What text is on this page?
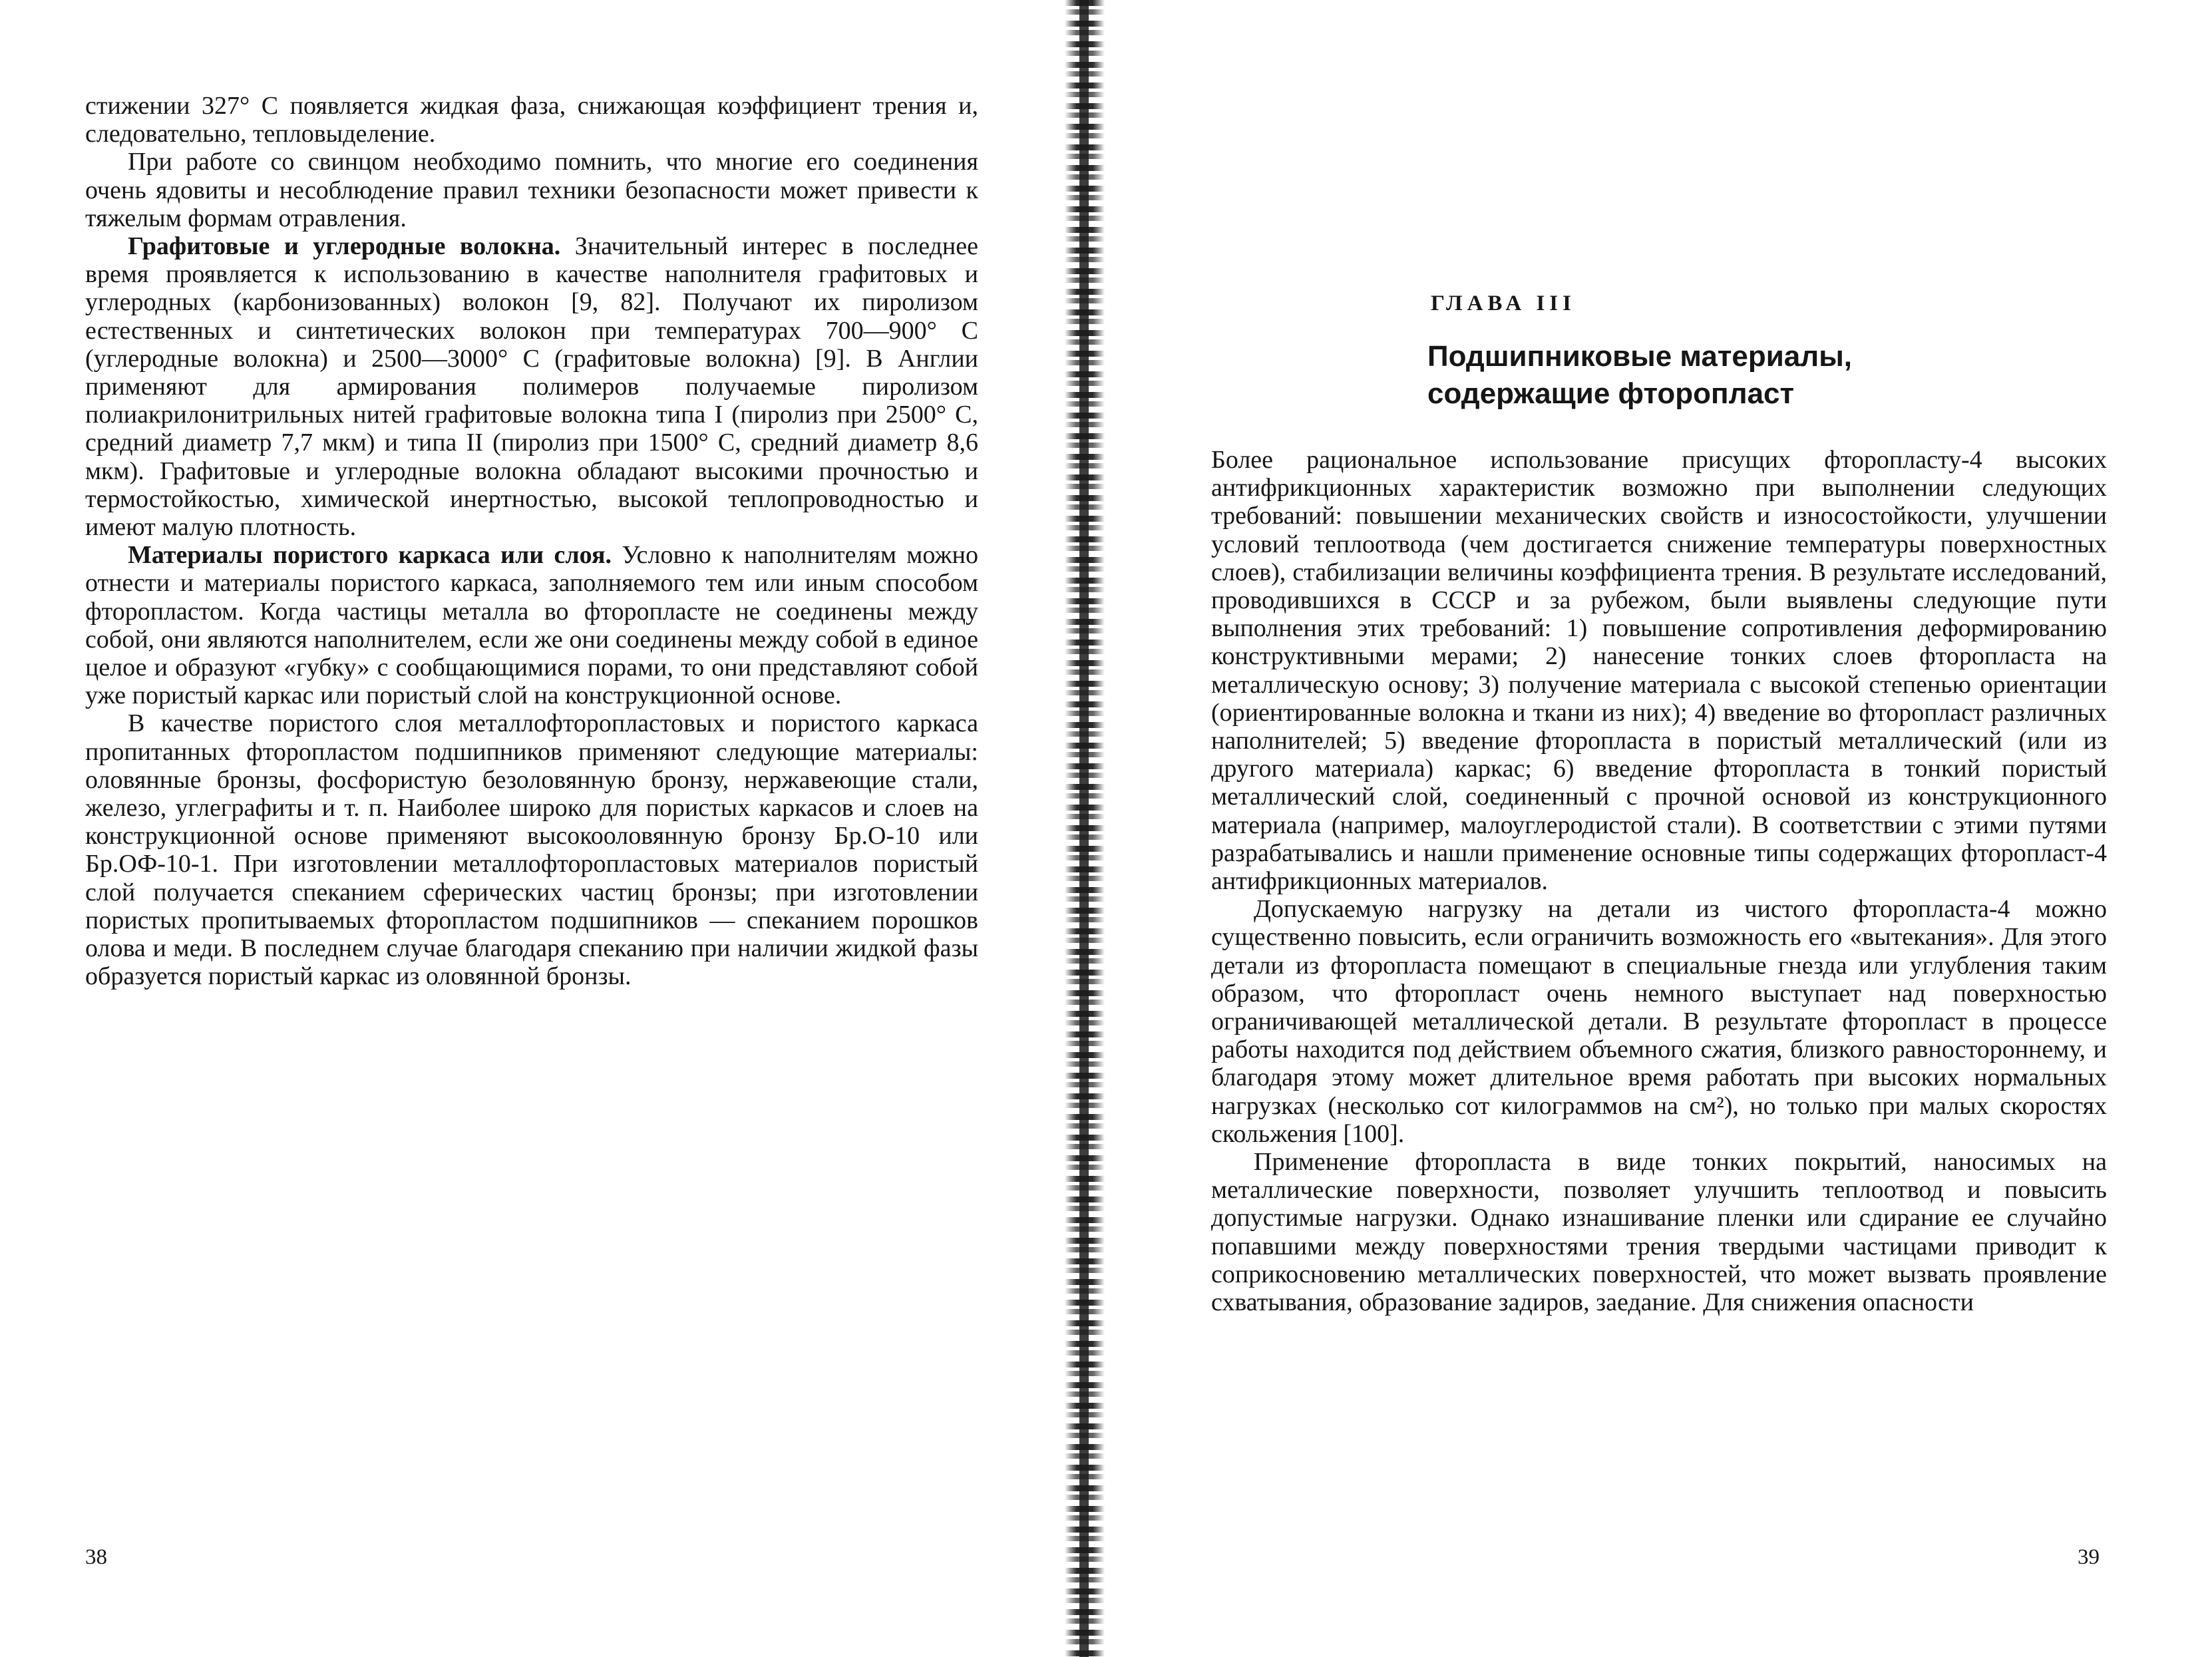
стижении 327° С появляется жидкая фаза, снижающая коэффициент трения и, следовательно, тепловыделение.

При работе со свинцом необходимо помнить, что многие его соединения очень ядовиты и несоблюдение правил техники безопасности может привести к тяжелым формам отравления.

Графитовые и углеродные волокна. Значительный интерес в последнее время проявляется к использованию в качестве наполнителя графитовых и углеродных (карбонизованных) волокон [9, 82]. Получают их пиролизом естественных и синтетических волокон при температурах 700—900° С (углеродные волокна) и 2500—3000° С (графитовые волокна) [9]. В Англии применяют для армирования полимеров получаемые пиролизом полиакрилонитрильных нитей графитовые волокна типа I (пиролиз при 2500° С, средний диаметр 7,7 мкм) и типа II (пиролиз при 1500° С, средний диаметр 8,6 мкм). Графитовые и углеродные волокна обладают высокими прочностью и термостойкостью, химической инертностью, высокой теплопроводностью и имеют малую плотность.

Материалы пористого каркаса или слоя. Условно к наполнителям можно отнести и материалы пористого каркаса, заполняемого тем или иным способом фторопластом. Когда частицы металла во фторопласте не соединены между собой, они являются наполнителем, если же они соединены между собой в единое целое и образуют «губку» с сообщающимися порами, то они представляют собой уже пористый каркас или пористый слой на конструкционной основе.

В качестве пористого слоя металлофторопластовых и пористого каркаса пропитанных фторопластом подшипников применяют следующие материалы: оловянные бронзы, фосфористую безоловянную бронзу, нержавеющие стали, железо, углеграфиты и т. п. Наиболее широко для пористых каркасов и слоев на конструкционной основе применяют высокооловянную бронзу Бр.О-10 или Бр.ОФ-10-1. При изготовлении металлофторопластовых материалов пористый слой получается спеканием сферических частиц бронзы; при изготовлении пористых пропитываемых фторопластом подшипников — спеканием порошков олова и меди. В последнем случае благодаря спеканию при наличии жидкой фазы образуется пористый каркас из оловянной бронзы.

38
ГЛАВА III
Подшипниковые материалы,
содержащие фторопласт

Более рациональное использование присущих фторопласту-4 высоких антифрикционных характеристик возможно при выполнении следующих требований: повышении механических свойств и износостойкости, улучшении условий теплоотвода (чем достигается снижение температуры поверхностных слоев), стабилизации величины коэффициента трения. В результате исследований, проводившихся в СССР и за рубежом, были выявлены следующие пути выполнения этих требований: 1) повышение сопротивления деформированию конструктивными мерами; 2) нанесение тонких слоев фторопласта на металлическую основу; 3) получение материала с высокой степенью ориентации (ориентированные волокна и ткани из них); 4) введение во фторопласт различных наполнителей; 5) введение фторопласта в пористый металлический (или из другого материала) каркас; 6) введение фторопласта в тонкий пористый металлический слой, соединенный с прочной основой из конструкционного материала (например, малоуглеродистой стали). В соответствии с этими путями разрабатывались и нашли применение основные типы содержащих фторопласт-4 антифрикционных материалов.

Допускаемую нагрузку на детали из чистого фторопласта-4 можно существенно повысить, если ограничить возможность его «вытекания». Для этого детали из фторопласта помещают в специальные гнезда или углубления таким образом, что фторопласт очень немного выступает над поверхностью ограничивающей металлической детали. В результате фторопласт в процессе работы находится под действием объемного сжатия, близкого равностороннему, и благодаря этому может длительное время работать при высоких нормальных нагрузках (несколько сот килограммов на см²), но только при малых скоростях скольжения [100].

Применение фторопласта в виде тонких покрытий, наносимых на металлические поверхности, позволяет улучшить теплоотвод и повысить допустимые нагрузки. Однако изнашивание пленки или сдирание ее случайно попавшими между поверхностями трения твердыми частицами приводит к соприкосновению металлических поверхностей, что может вызвать проявление схватывания, образование задиров, заедание. Для снижения опасности

39
